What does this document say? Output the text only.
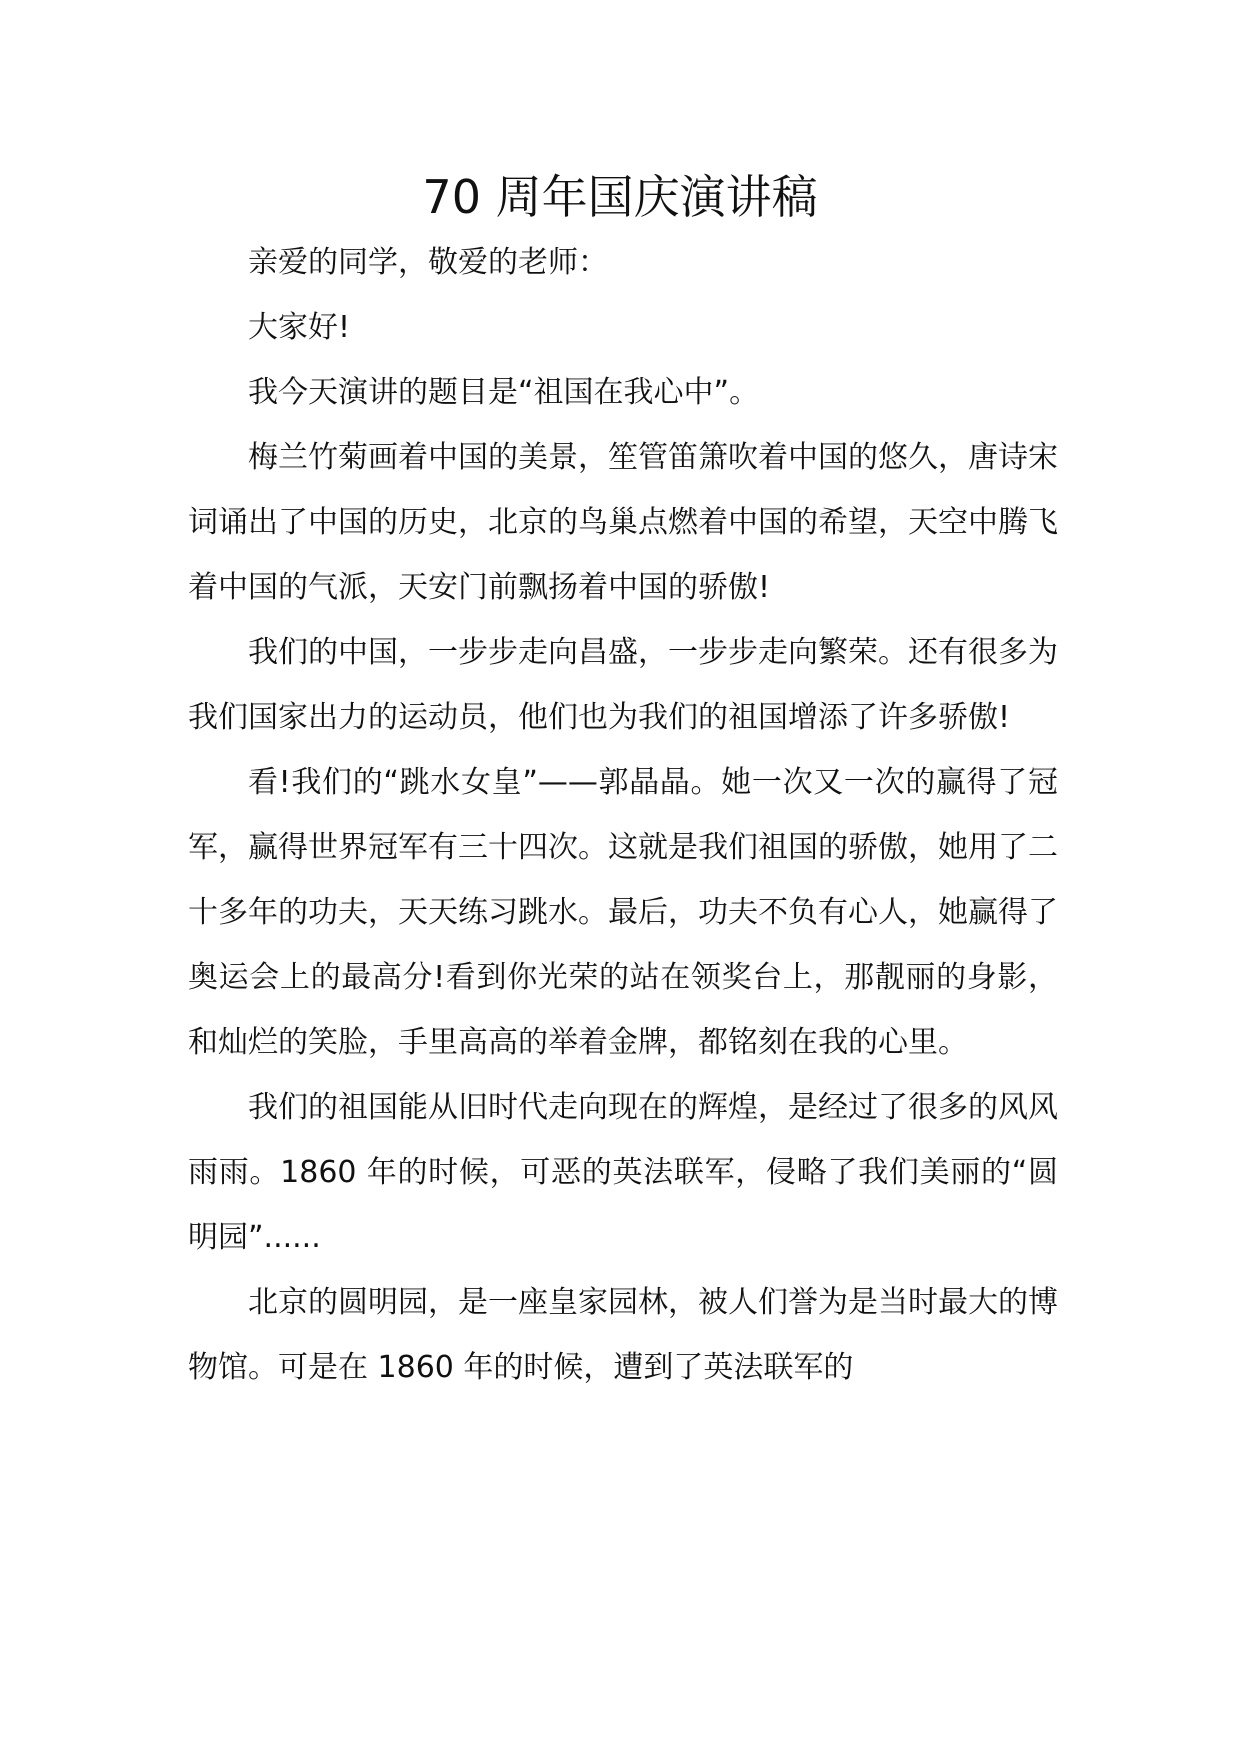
70 周年国庆演讲稿

亲爱的同学，敬爱的老师：

大家好!

我今天演讲的题目是“祖国在我心中”。

梅兰竹菊画着中国的美景，笙管笛箫吹着中国的悠久，唐诗宋词诵出了中国的历史，北京的鸟巢点燃着中国的希望，天空中腾飞着中国的气派，天安门前飘扬着中国的骄傲!

我们的中国，一步步走向昌盛，一步步走向繁荣。还有很多为我们国家出力的运动员，他们也为我们的祖国增添了许多骄傲!

看!我们的“跳水女皇”——郭晶晶。她一次又一次的赢得了冠军，赢得世界冠军有三十四次。这就是我们祖国的骄傲，她用了二十多年的功夫，天天练习跳水。最后，功夫不负有心人，她赢得了奥运会上的最高分!看到你光荣的站在领奖台上，那靓丽的身影，和灿烂的笑脸，手里高高的举着金牌，都铭刻在我的心里。

我们的祖国能从旧时代走向现在的辉煌，是经过了很多的风风雨雨。1860 年的时候，可恶的英法联军，侵略了我们美丽的“圆明园”......

北京的圆明园，是一座皇家园林，被人们誉为是当时最大的博物馆。可是在 1860 年的时候，遭到了英法联军的
